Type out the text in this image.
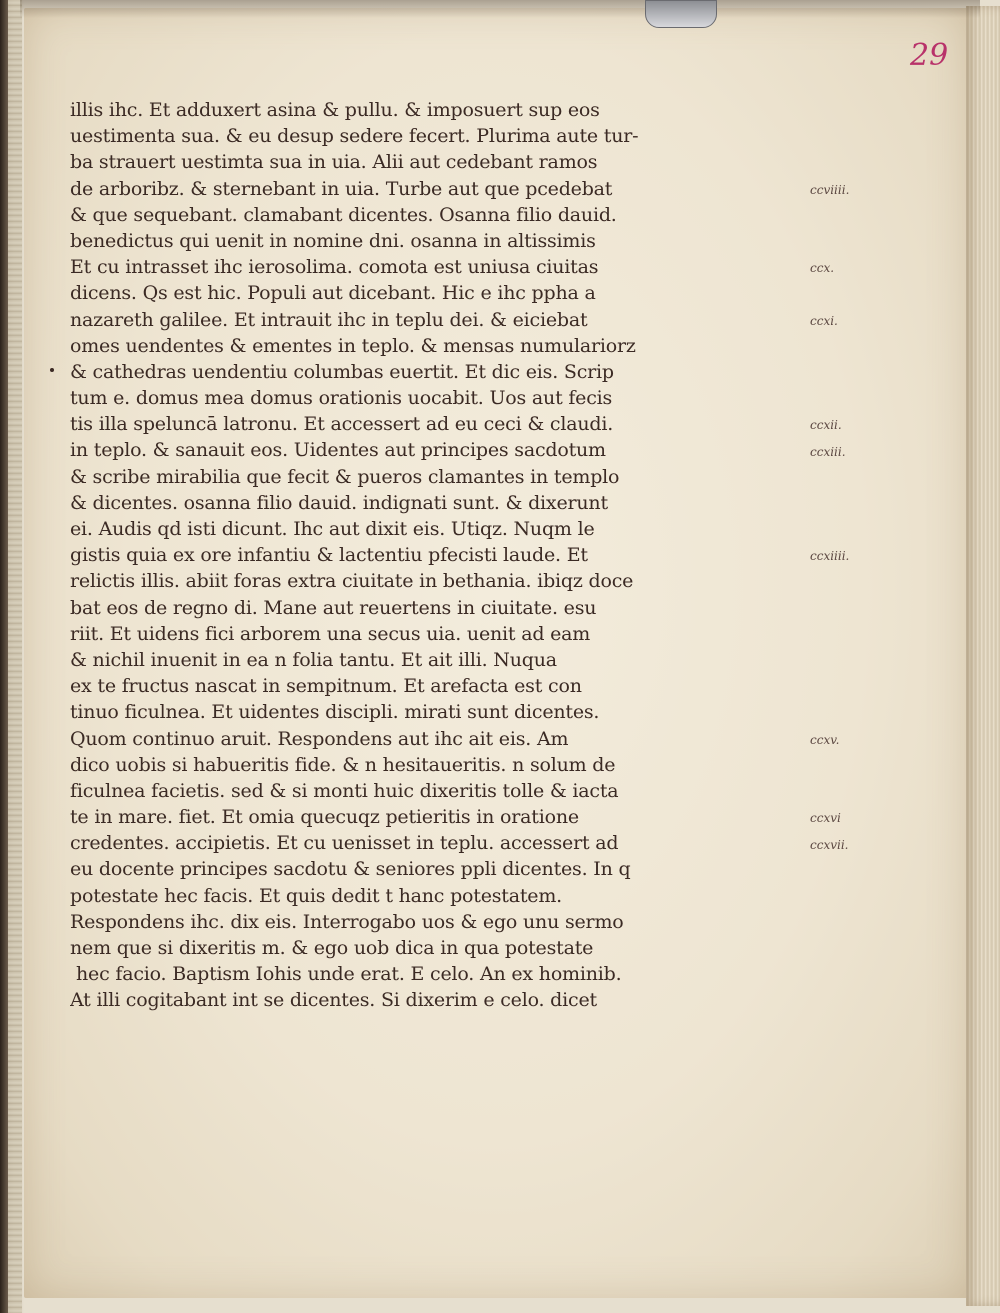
29
illis ihc. Et adduxert asina & pullu. & imposuert sup eos
uestimenta sua. & eu desup sedere fecert. Plurima aute tur-
ba strauert uestimta sua in uia. Alii aut cedebant ramos
de arboribz. & sternebant in uia. Turbe aut que pcedebat
& que sequebant. clamabant dicentes. Osanna filio dauid.
benedictus qui uenit in nomine dni. osanna in altissimis
Et cu intrasset ihc ierosolima. comota est uniusa ciuitas
dicens. Qs est hic. Populi aut dicebant. Hic e ihc ppha a
nazareth galilee. Et intrauit ihc in teplu dei. & eiciebat
omes uendentes & ementes in teplo. & mensas numulariorz
& cathedras uendentiu columbas euertit. Et dic eis. Scrip
tum e. domus mea domus orationis uocabit. Uos aut fecis
tis illa speluncā latronu. Et accessert ad eu ceci & claudi.
in teplo. & sanauit eos. Uidentes aut principes sacdotum
& scribe mirabilia que fecit & pueros clamantes in templo
& dicentes. osanna filio dauid. indignati sunt. & dixerunt
ei. Audis qd isti dicunt. Ihc aut dixit eis. Utiqz. Nuqm le
gistis quia ex ore infantiu & lactentiu pfecisti laude. Et
relictis illis. abiit foras extra ciuitate in bethania. ibiqz doce
bat eos de regno di. Mane aut reuertens in ciuitate. esu
riit. Et uidens fici arborem una secus uia. uenit ad eam
& nichil inuenit in ea n folia tantu. Et ait illi. Nuqua
ex te fructus nascat in sempitnum. Et arefacta est con
tinuo ficulnea. Et uidentes discipli. mirati sunt dicentes.
Quom continuo aruit. Respondens aut ihc ait eis. Am
dico uobis si habueritis fide. & n hesitaueritis. n solum de
ficulnea facietis. sed & si monti huic dixeritis tolle & iacta
te in mare. fiet. Et omia quecuqz petieritis in oratione
credentes. accipietis. Et cu uenisset in teplu. accessert ad
eu docente principes sacdotu & seniores ppli dicentes. In q
potestate hec facis. Et quis dedit t hanc potestatem.
Respondens ihc. dix eis. Interrogabo uos & ego unu sermo
nem que si dixeritis m. & ego uob dica in qua potestate
hec facio. Baptism Iohis unde erat. E celo. An ex hominib.
At illi cogitabant int se dicentes. Si dixerim e celo. dicet
ccviiii.
ccx.
ccxi.
ccxii.
ccxiii.
ccxiiii.
ccxv.
ccxvi
ccxvii.
